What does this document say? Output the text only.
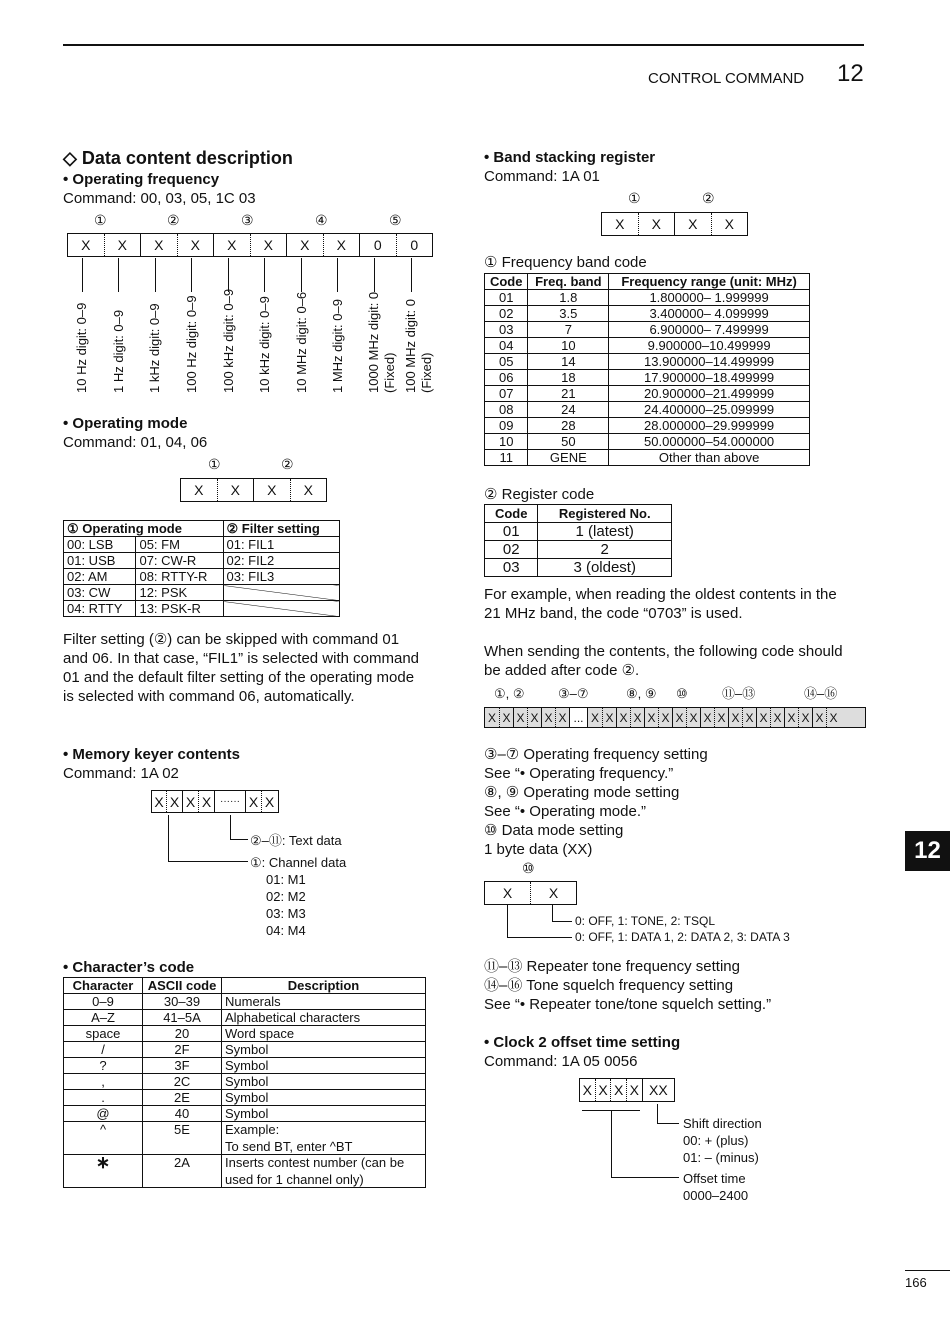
CONTROL COMMAND 12
12
166
◇ Data content description
• Operating frequency
Command: 00, 03, 05, 1C 03
①	②	③	④	⑤
X	X	X	X	X	X	X	X	0	0
10 Hz digit: 0–9 1 Hz digit: 0–9 1 kHz digit: 0–9 100 Hz digit: 0–9 100 kHz digit: 0–9 10 kHz digit: 0–9 10 MHz digit: 0–6 1 MHz digit: 0–9 1000 MHz digit: 0 (Fixed) 100 MHz digit: 0 (Fixed)
• Operating mode
Command: 01, 04, 06
①	②
X	X	X	X
① Operating mode		② Filter setting
00: LSB	05: FM	01: FIL1
01: USB	07: CW-R	02: FIL2
02: AM	08: RTTY-R	03: FIL3
03: CW	12: PSK	
04: RTTY	13: PSK-R	
Filter setting (②) can be skipped with command 01
and 06. In that case, “FIL1” is selected with command
01 and the default filter setting of the operating mode
is selected with command 06, automatically.
• Memory keyer contents
Command: 1A 02
X X X X ······ X X
②–⑪: Text data
①: Channel data
01: M1
02: M2
03: M3
04: M4
• Character’s code
Character	ASCII code	Description
0–9	30–39	Numerals
A–Z	41–5A	Alphabetical characters
space	20	Word space
/	2F	Symbol
?	3F	Symbol
,	2C	Symbol
.	2E	Symbol
@	40	Symbol
^	5E	Example:
To send BT, enter ^BT

∗	2A	Inserts contest number (can be
used for 1 channel only)
• Band stacking register
Command: 1A 01
①	②
X	X	X	X
① Frequency band code
Code	Freq. band	Frequency range (unit: MHz)
01	1.8	1.800000– 1.999999
02	3.5	3.400000– 4.099999
03	7	6.900000– 7.499999
04	10	9.900000–10.499999
05	14	13.900000–14.499999
06	18	17.900000–18.499999
07	21	20.900000–21.499999
08	24	24.400000–25.099999
09	28	28.000000–29.999999
10	50	50.000000–54.000000
11	GENE	Other than above
② Register code
Code	Registered No.
01	1 (latest)
02	2
03	3 (oldest)
For example, when reading the oldest contents in the
21 MHz band, the code “0703” is used.
When sending the contents, the following code should
be added after code ②.
①, ②	③–⑦	⑧, ⑨ ⑩	⑪–⑬	⑭–⑯
X X X X X X ... X X X X X X X X X X X X X X X X X X
③–⑦ Operating frequency setting
See “• Operating frequency.”
⑧, ⑨ Operating mode setting
See “• Operating mode.”
⑩ Data mode setting
1 byte data (XX)
⑩
X	X
0: OFF, 1: TONE, 2: TSQL
0: OFF, 1: DATA 1, 2: DATA 2, 3: DATA 3
⑪–⑬ Repeater tone frequency setting
⑭–⑯ Tone squelch frequency setting
See “• Repeater tone/tone squelch setting.”
• Clock 2 offset time setting
Command: 1A 05 0056
X X X X XX
Shift direction
00: + (plus)
01: – (minus)
Offset time
0000–2400
